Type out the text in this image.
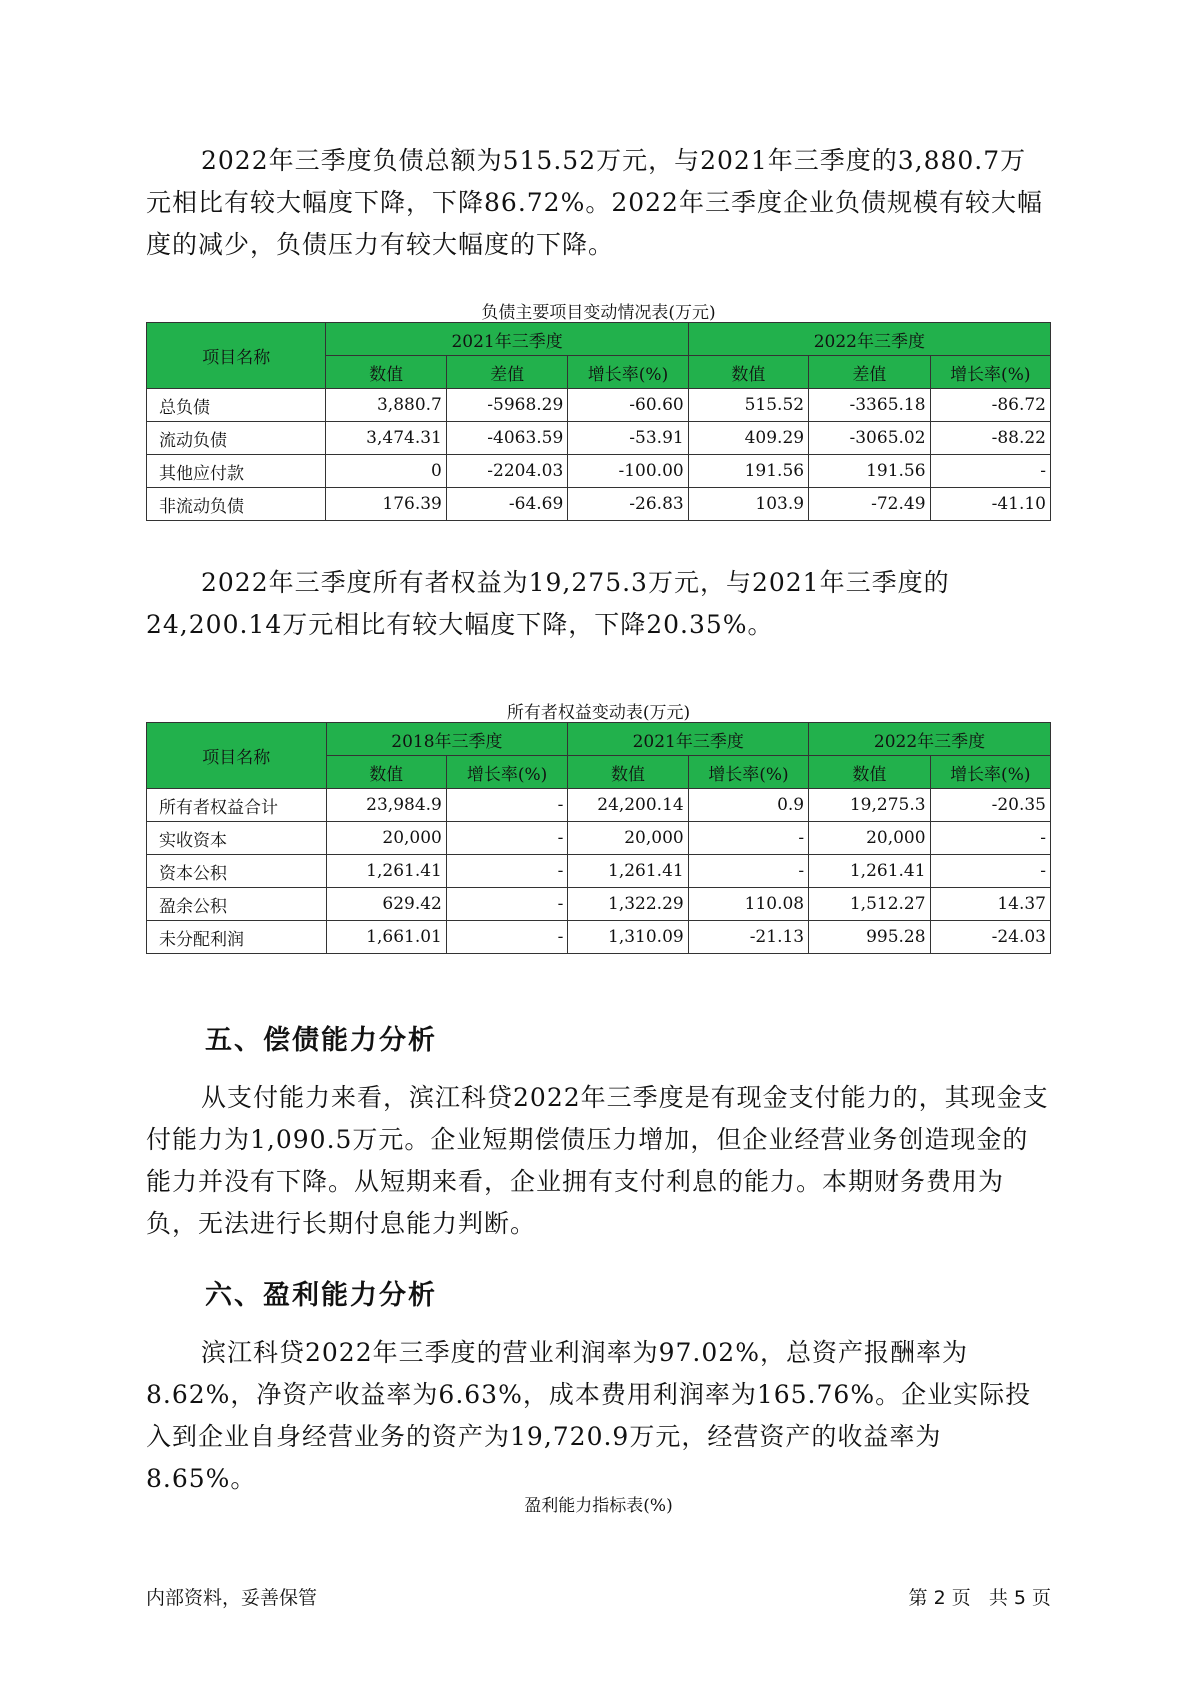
2022年三季度负债总额为515.52万元，与2021年三季度的3,880.7万元相比有较大幅度下降，下降86.72%。2022年三季度企业负债规模有较大幅度的减少，负债压力有较大幅度的下降。

负债主要项目变动情况表(万元)

项目名称	2021年三季度			2022年三季度		
	数值	差值	增长率(%)	数值	差值	增长率(%)
总负债	3,880.7	-5968.29	-60.60	515.52	-3365.18	-86.72
流动负债	3,474.31	-4063.59	-53.91	409.29	-3065.02	-88.22
其他应付款	0	-2204.03	-100.00	191.56	191.56	-
非流动负债	176.39	-64.69	-26.83	103.9	-72.49	-41.10

2022年三季度所有者权益为19,275.3万元，与2021年三季度的24,200.14万元相比有较大幅度下降，下降20.35%。

所有者权益变动表(万元)

项目名称	2018年三季度		2021年三季度		2022年三季度	
	数值	增长率(%)	数值	增长率(%)	数值	增长率(%)
所有者权益合计	23,984.9	-	24,200.14	0.9	19,275.3	-20.35
实收资本	20,000	-	20,000	-	20,000	-
资本公积	1,261.41	-	1,261.41	-	1,261.41	-
盈余公积	629.42	-	1,322.29	110.08	1,512.27	14.37
未分配利润	1,661.01	-	1,310.09	-21.13	995.28	-24.03
五、偿债能力分析

从支付能力来看，滨江科贷2022年三季度是有现金支付能力的，其现金支付能力为1,090.5万元。企业短期偿债压力增加，但企业经营业务创造现金的能力并没有下降。从短期来看，企业拥有支付利息的能力。本期财务费用为负，无法进行长期付息能力判断。

六、盈利能力分析

滨江科贷2022年三季度的营业利润率为97.02%，总资产报酬率为8.62%，净资产收益率为6.63%，成本费用利润率为165.76%。企业实际投入到企业自身经营业务的资产为19,720.9万元，经营资产的收益率为8.65%。

盈利能力指标表(%)

内部资料，妥善保管	第 2 页   共 5 页
